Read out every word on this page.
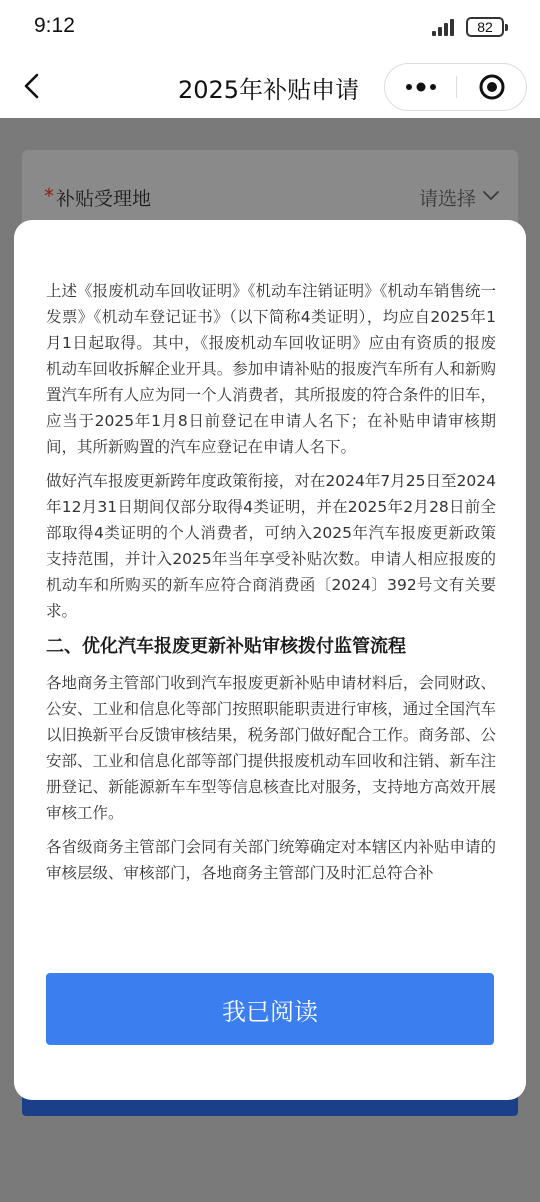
9:12	82
2025年补贴申请
* 补贴受理地	请选择

上述《报废机动车回收证明》《机动车注销证明》《机动车销售统一发票》《机动车登记证书》（以下简称4类证明），均应自2025年1月1日起取得。其中，《报废机动车回收证明》应由有资质的报废机动车回收拆解企业开具。参加申请补贴的报废汽车所有人和新购置汽车所有人应为同一个人消费者，其所报废的符合条件的旧车，应当于2025年1月8日前登记在申请人名下；在补贴申请审核期间，其所新购置的汽车应登记在申请人名下。

做好汽车报废更新跨年度政策衔接，对在2024年7月25日至2024年12月31日期间仅部分取得4类证明，并在2025年2月28日前全部取得4类证明的个人消费者，可纳入2025年汽车报废更新政策支持范围，并计入2025年当年享受补贴次数。申请人相应报废的机动车和所购买的新车应符合商消费函〔2024〕392号文有关要求。

二、优化汽车报废更新补贴审核拨付监管流程

各地商务主管部门收到汽车报废更新补贴申请材料后，会同财政、公安、工业和信息化等部门按照职能职责进行审核，通过全国汽车以旧换新平台反馈审核结果，税务部门做好配合工作。商务部、公安部、工业和信息化部等部门提供报废机动车回收和注销、新车注册登记、新能源新车车型等信息核查比对服务，支持地方高效开展审核工作。

各省级商务主管部门会同有关部门统筹确定对本辖区内补贴申请的审核层级、审核部门，各地商务主管部门及时汇总符合补

我已阅读
